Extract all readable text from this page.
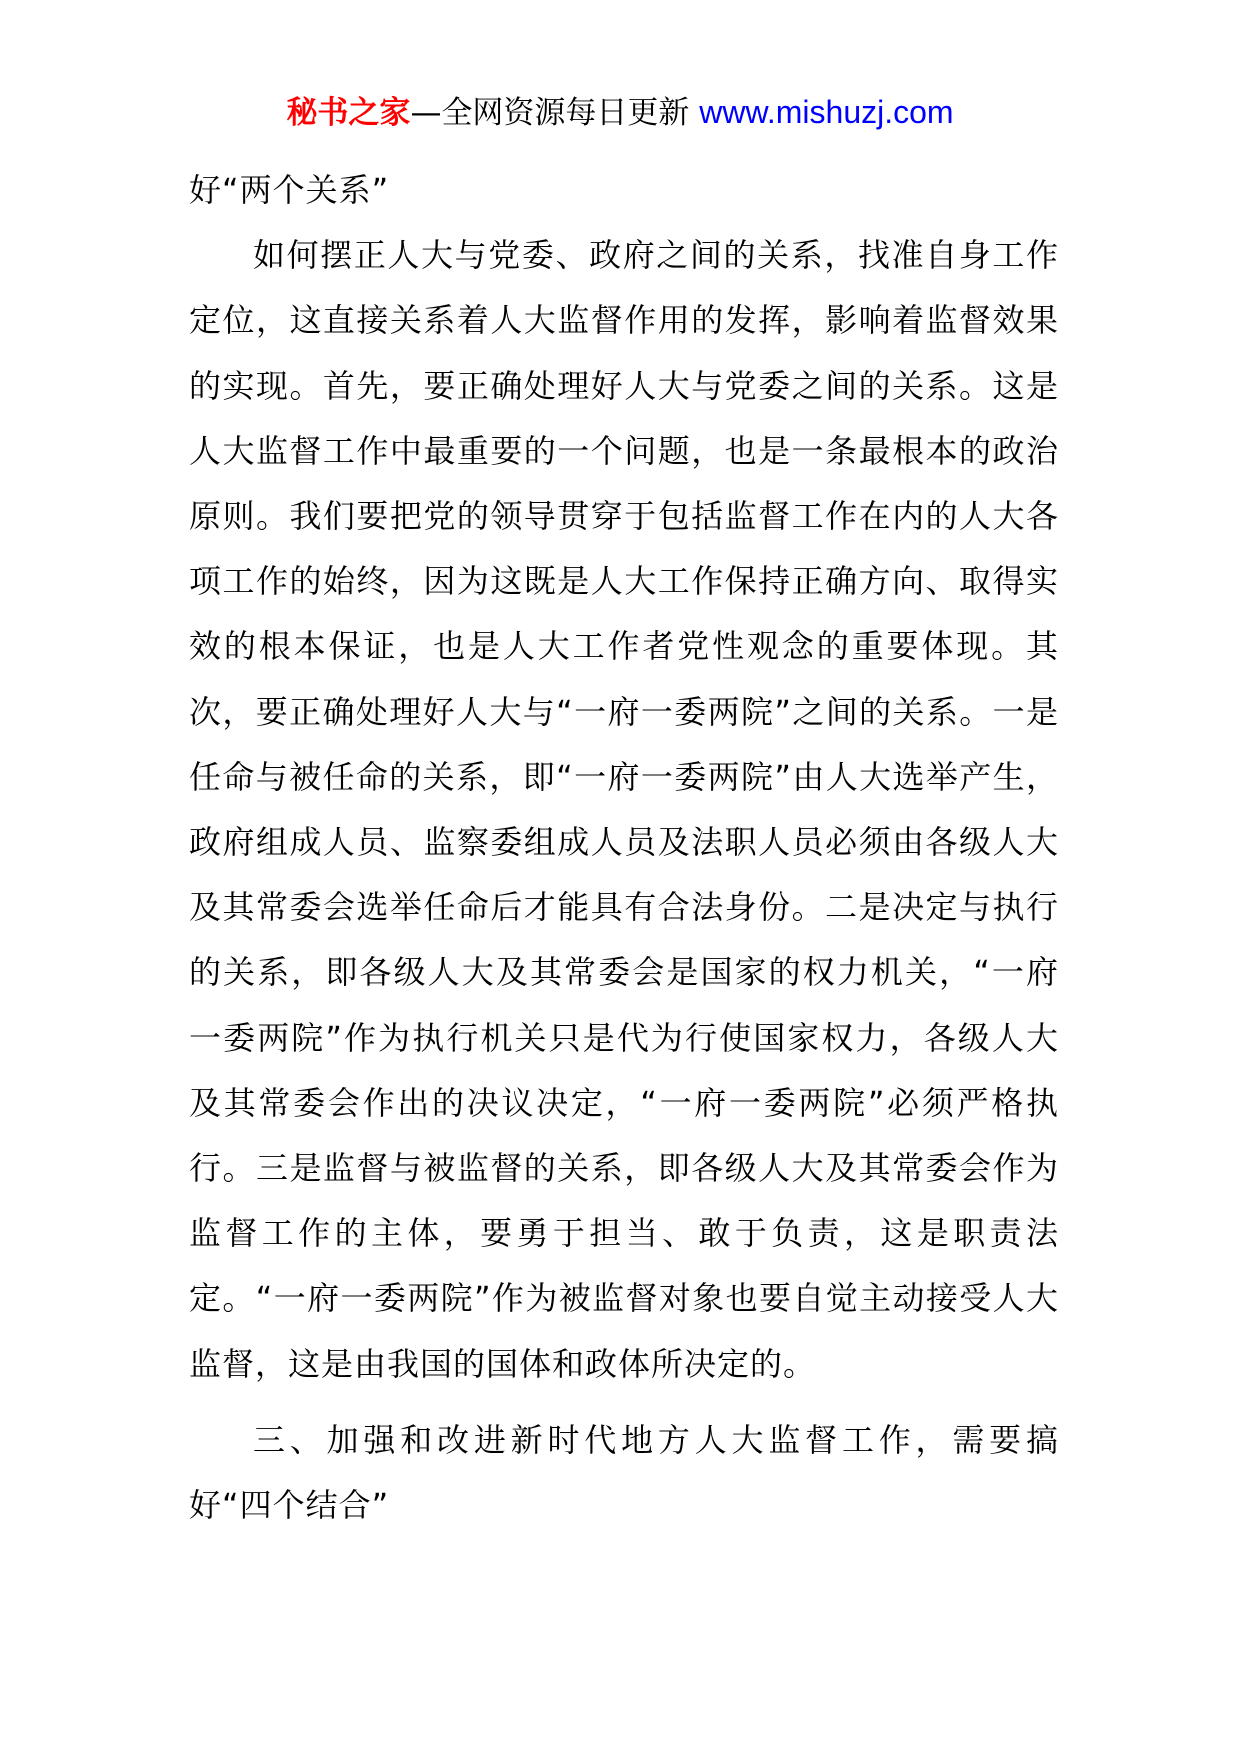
秘书之家—全网资源每日更新 www.mishuzj.com

好“两个关系”

如何摆正人大与党委、政府之间的关系，找准自身工作定位，这直接关系着人大监督作用的发挥，影响着监督效果的实现。首先，要正确处理好人大与党委之间的关系。这是人大监督工作中最重要的一个问题，也是一条最根本的政治原则。我们要把党的领导贯穿于包括监督工作在内的人大各项工作的始终，因为这既是人大工作保持正确方向、取得实效的根本保证，也是人大工作者党性观念的重要体现。其次，要正确处理好人大与“一府一委两院”之间的关系。一是任命与被任命的关系，即“一府一委两院”由人大选举产生，政府组成人员、监察委组成人员及法职人员必须由各级人大及其常委会选举任命后才能具有合法身份。二是决定与执行的关系，即各级人大及其常委会是国家的权力机关，“一府一委两院”作为执行机关只是代为行使国家权力，各级人大及其常委会作出的决议决定，“一府一委两院”必须严格执行。三是监督与被监督的关系，即各级人大及其常委会作为监督工作的主体，要勇于担当、敢于负责，这是职责法定。“一府一委两院”作为被监督对象也要自觉主动接受人大监督，这是由我国的国体和政体所决定的。

三、加强和改进新时代地方人大监督工作，需要搞好“四个结合”
